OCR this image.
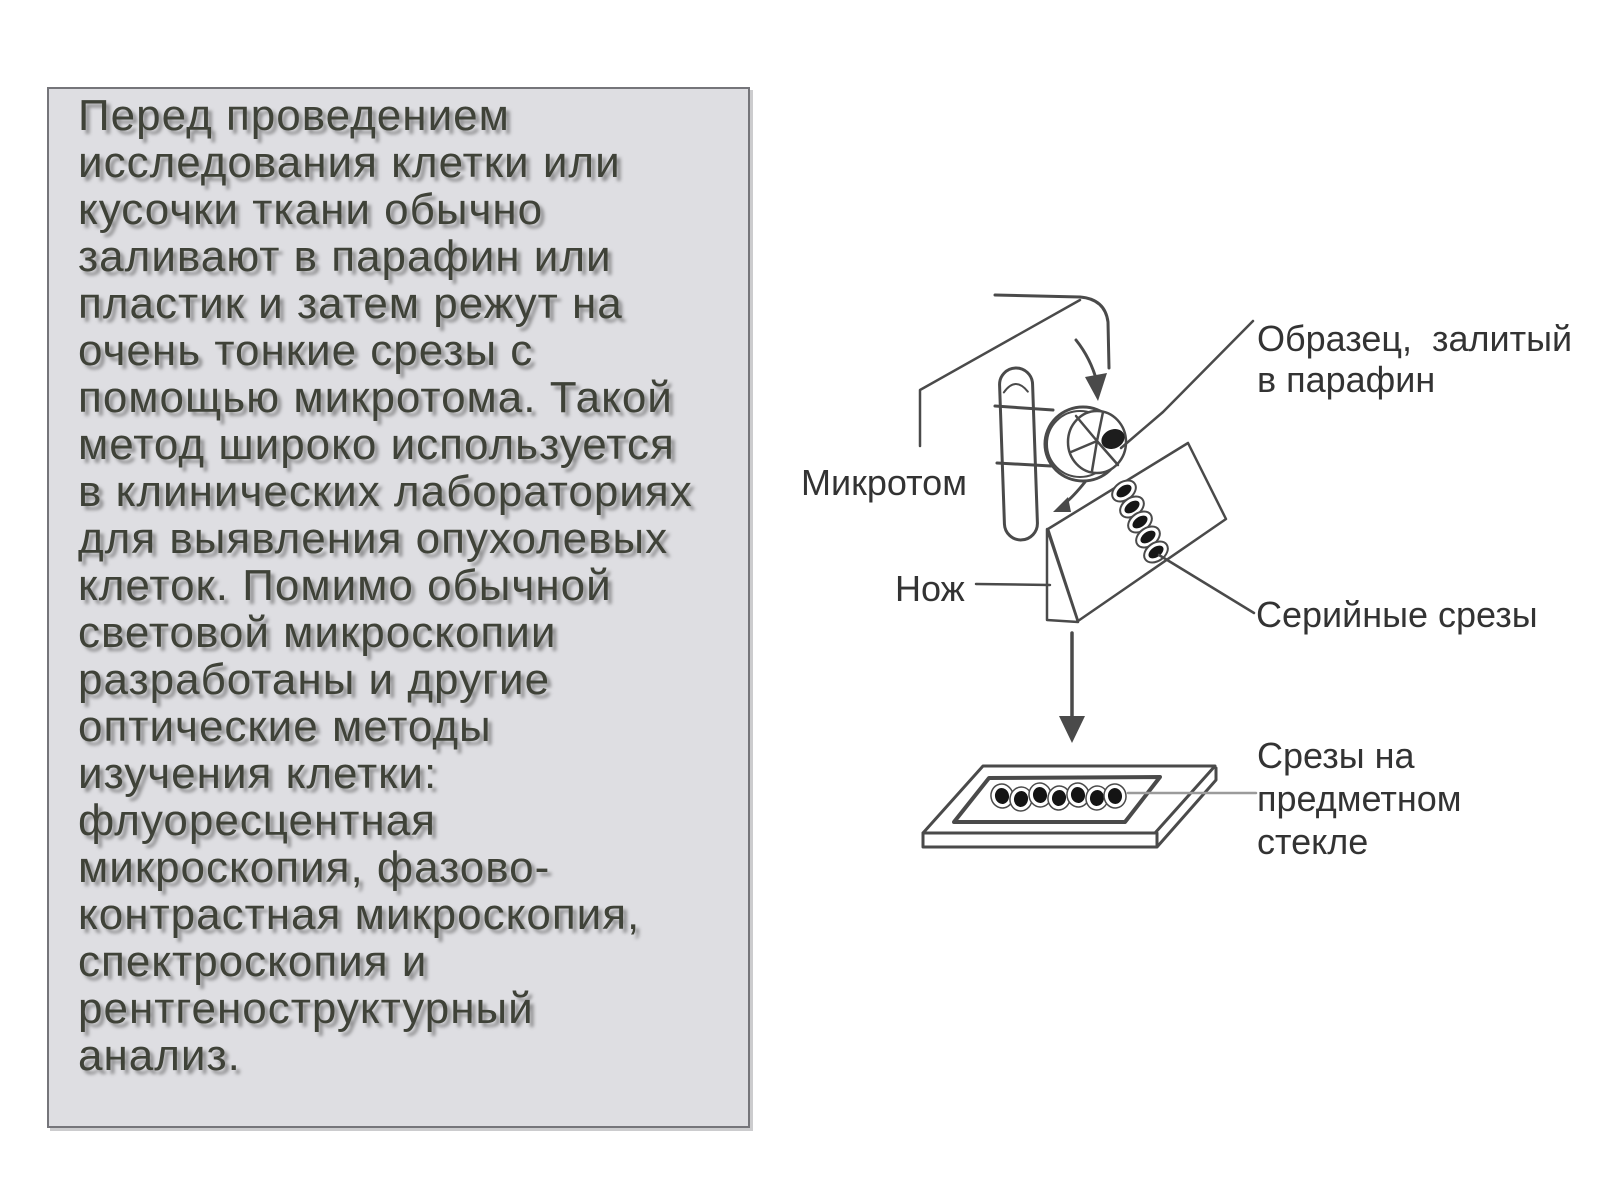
Перед проведением
исследования клетки или
кусочки ткани обычно
заливают в парафин или
пластик и затем режут на
очень тонкие срезы с
помощью микротома. Такой
метод широко используется
в клинических лабораториях
для выявления опухолевых
клеток. Помимо обычной
световой микроскопии
разработаны и другие
оптические методы
изучения клетки:
флуоресцентная
микроскопия, фазово-
контрастная микроскопия,
спектроскопия и
рентгеноструктурный
анализ.
Микротом
Нож
Образец,  залитый
в парафин
Серийные срезы
Срезы на
предметном
стекле
